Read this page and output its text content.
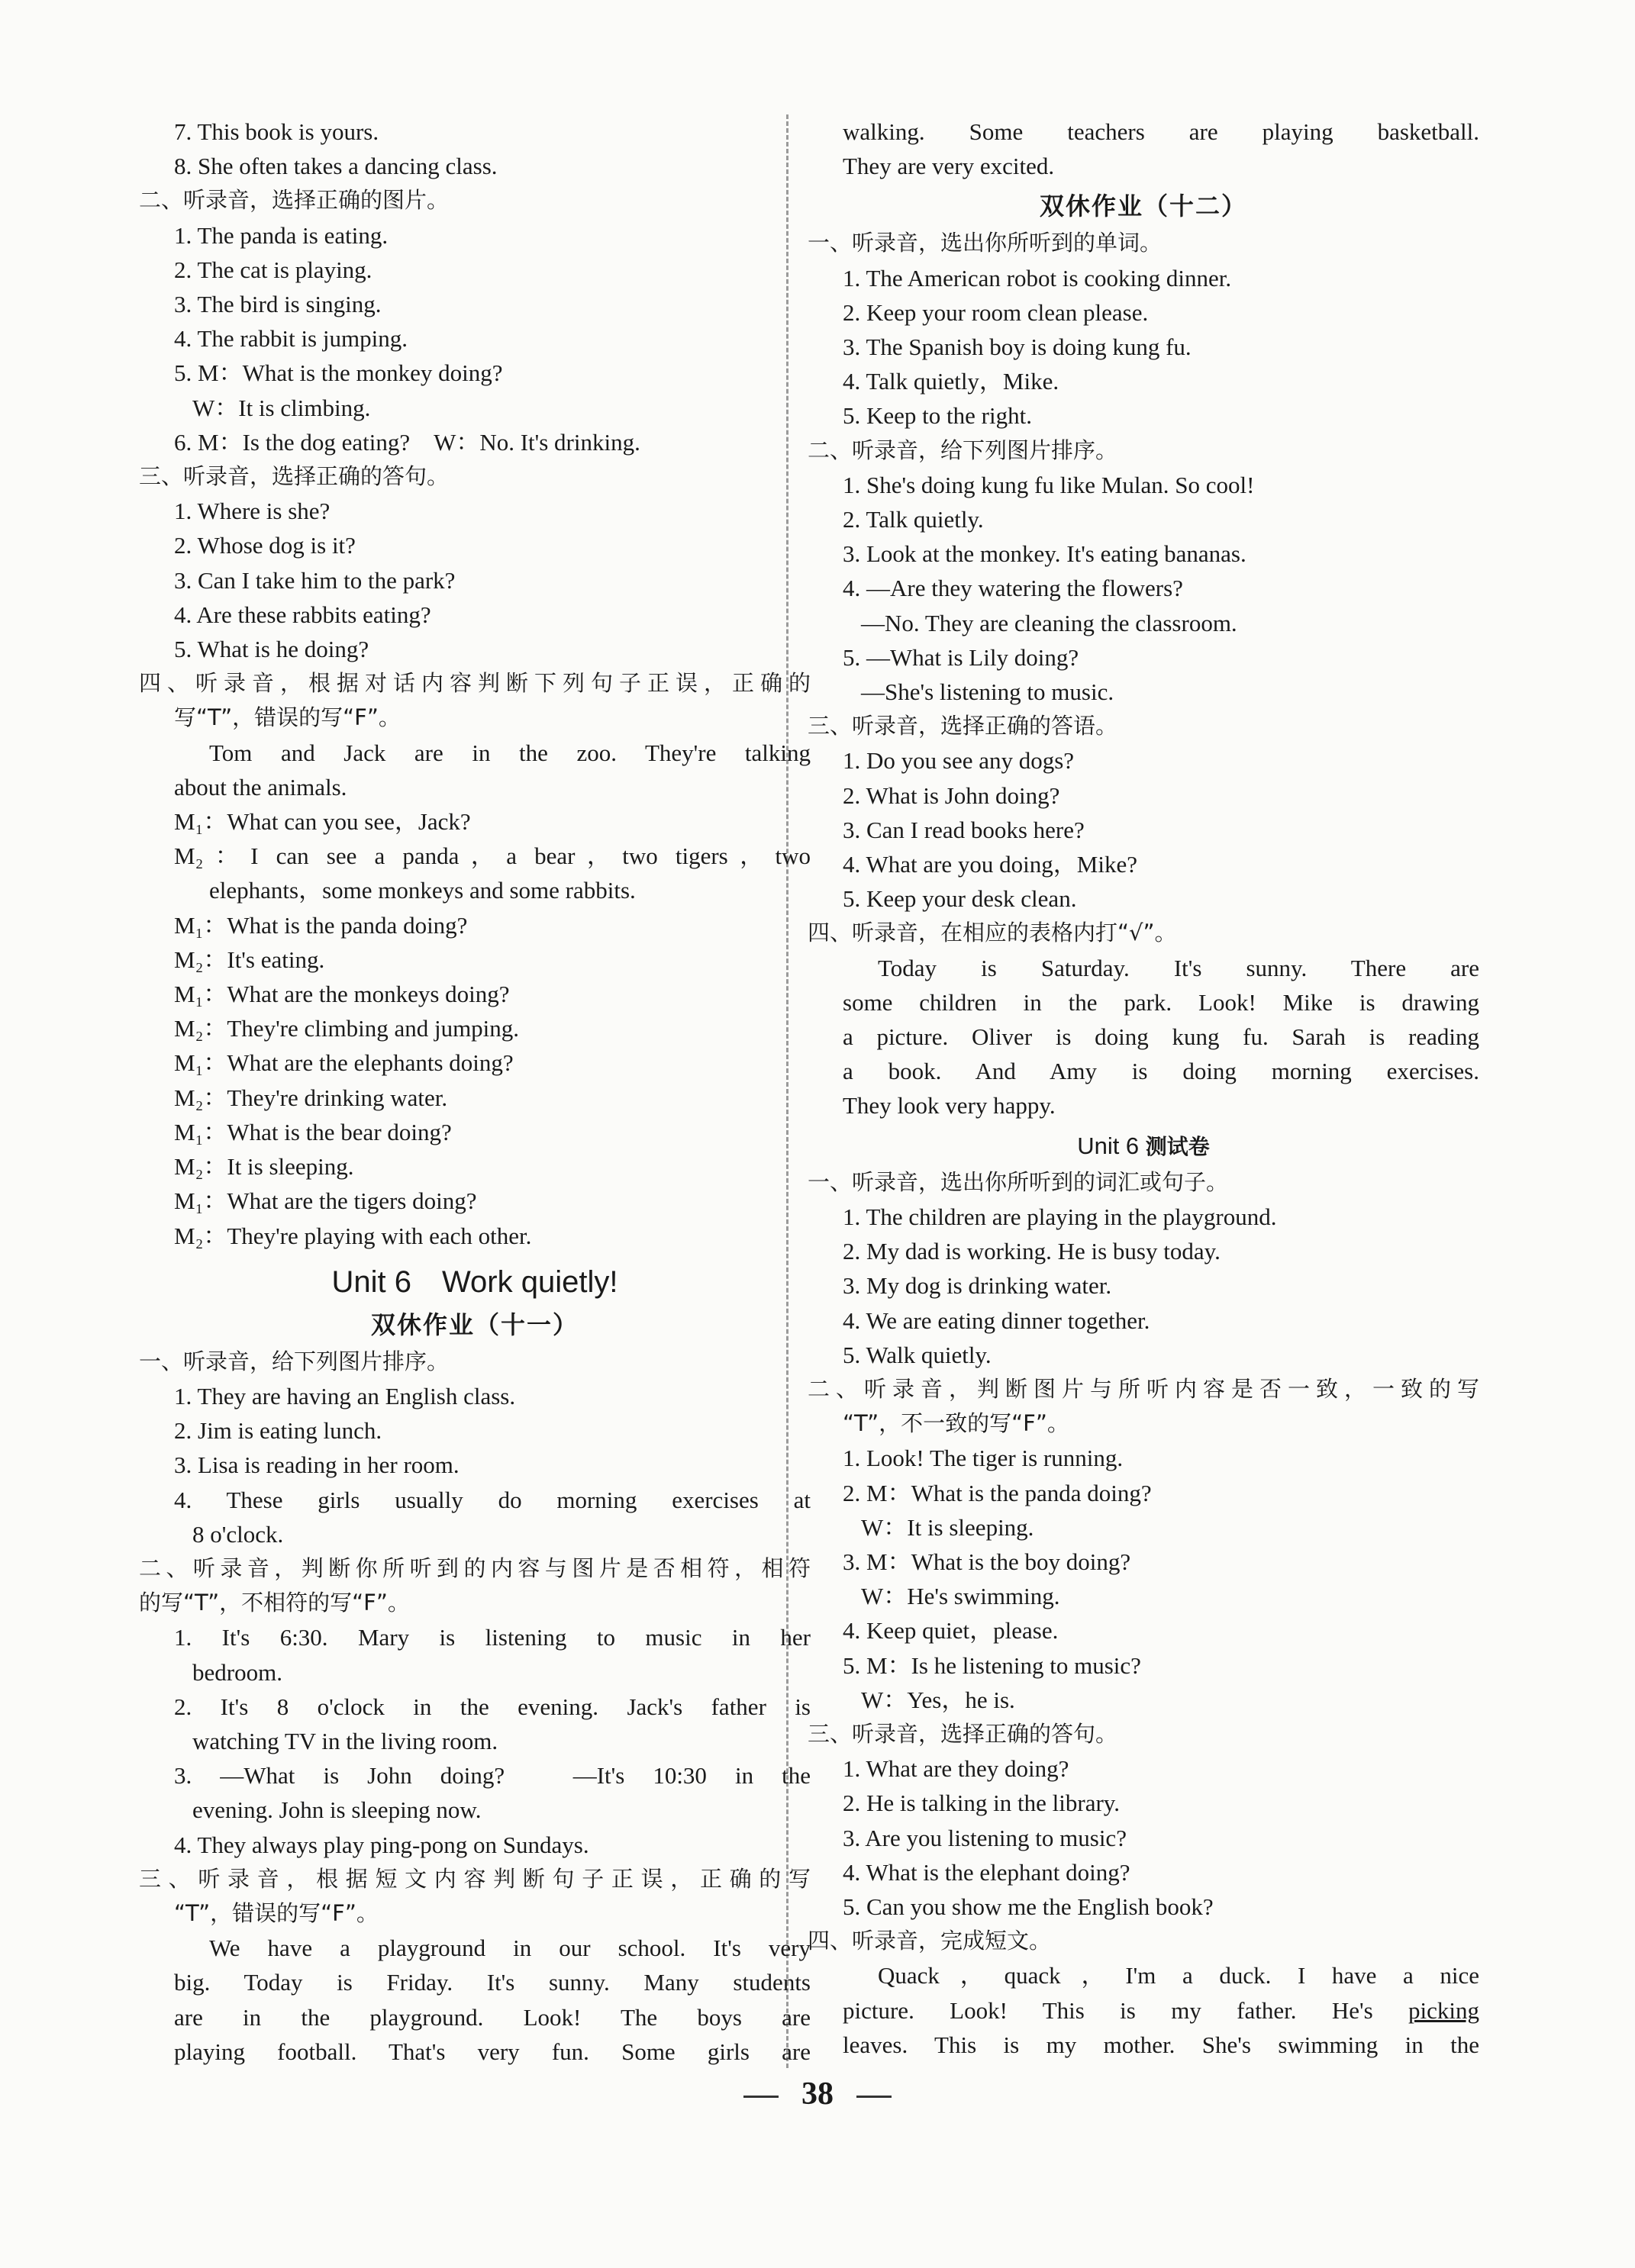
7. This book is yours.
8. She often takes a dancing class.
二、听录音，选择正确的图片。
1. The panda is eating.
2. The cat is playing.
3. The bird is singing.
4. The rabbit is jumping.
5. M：What is the monkey doing?
W：It is climbing.
6. M：Is the dog eating?　W：No. It's drinking.
三、听录音，选择正确的答句。
1. Where is she?
2. Whose dog is it?
3. Can I take him to the park?
4. Are these rabbits eating?
5. What is he doing?
四、听录音，根据对话内容判断下列句子正误，正确的
写“T”，错误的写“F”。
Tom and Jack are in the zoo. They're talking
about the animals.
M₁：What can you see，Jack?
M₂：I can see a panda，a bear，two tigers，two
elephants，some monkeys and some rabbits.
M₁：What is the panda doing?
M₂：It's eating.
M₁：What are the monkeys doing?
M₂：They're climbing and jumping.
M₁：What are the elephants doing?
M₂：They're drinking water.
M₁：What is the bear doing?
M₂：It is sleeping.
M₁：What are the tigers doing?
M₂：They're playing with each other.
Unit 6　Work quietly!
双休作业（十一）
一、听录音，给下列图片排序。
1. They are having an English class.
2. Jim is eating lunch.
3. Lisa is reading in her room.
4. These girls usually do morning exercises at
8 o'clock.
二、听录音，判断你所听到的内容与图片是否相符，相符
的写“T”，不相符的写“F”。
1. It's 6:30. Mary is listening to music in her
bedroom.
2. It's 8 o'clock in the evening. Jack's father is
watching TV in the living room.
3. —What is John doing?　—It's 10:30 in the
evening. John is sleeping now.
4. They always play ping-pong on Sundays.
三、听录音，根据短文内容判断句子正误，正确的写
“T”，错误的写“F”。
We have a playground in our school. It's very
big. Today is Friday. It's sunny. Many students
are in the playground. Look! The boys are
playing football. That's very fun. Some girls are
walking. Some teachers are playing basketball.
They are very excited.
双休作业（十二）
一、听录音，选出你所听到的单词。
1. The American robot is cooking dinner.
2. Keep your room clean please.
3. The Spanish boy is doing kung fu.
4. Talk quietly，Mike.
5. Keep to the right.
二、听录音，给下列图片排序。
1. She's doing kung fu like Mulan. So cool!
2. Talk quietly.
3. Look at the monkey. It's eating bananas.
4. —Are they watering the flowers?
—No. They are cleaning the classroom.
5. —What is Lily doing?
—She's listening to music.
三、听录音，选择正确的答语。
1. Do you see any dogs?
2. What is John doing?
3. Can I read books here?
4. What are you doing，Mike?
5. Keep your desk clean.
四、听录音，在相应的表格内打“√”。
Today is Saturday. It's sunny. There are
some children in the park. Look! Mike is drawing
a picture. Oliver is doing kung fu. Sarah is reading
a book. And Amy is doing morning exercises.
They look very happy.
Unit 6 测试卷
一、听录音，选出你所听到的词汇或句子。
1. The children are playing in the playground.
2. My dad is working. He is busy today.
3. My dog is drinking water.
4. We are eating dinner together.
5. Walk quietly.
二、听录音，判断图片与所听内容是否一致，一致的写
“T”，不一致的写“F”。
1. Look! The tiger is running.
2. M：What is the panda doing?
W：It is sleeping.
3. M：What is the boy doing?
W：He's swimming.
4. Keep quiet，please.
5. M：Is he listening to music?
W：Yes，he is.
三、听录音，选择正确的答句。
1. What are they doing?
2. He is talking in the library.
3. Are you listening to music?
4. What is the elephant doing?
5. Can you show me the English book?
四、听录音，完成短文。
Quack，quack，I'm a duck. I have a nice
picture. Look! This is my father. He's picking
leaves. This is my mother. She's swimming in the
38
